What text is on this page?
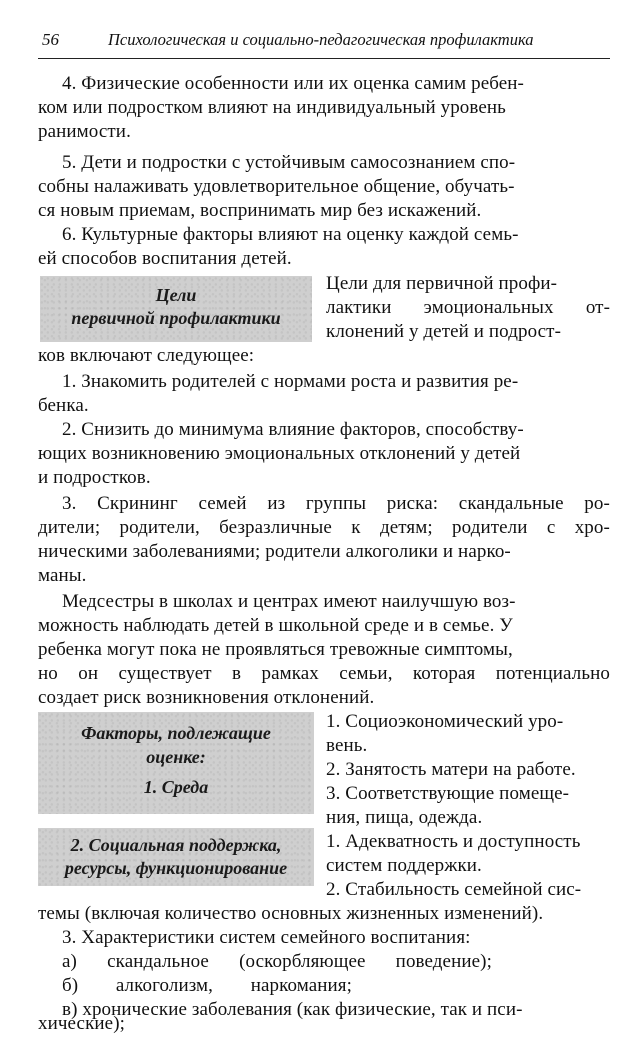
56	Психологическая и социально-педагогическая профилактика
Цели
первичной профилактики
Факторы, подлежащие
оценке:
1. Среда
2. Социальная поддержка,
ресурсы, функционирование
4. Физические особенности или их оценка самим ребен-
ком или подростком влияют на индивидуальный уровень
ранимости.
5. Дети и подростки с устойчивым самосознанием спо-
собны налаживать удовлетворительное общение, обучать-
ся новым приемам, воспринимать мир без искажений.
6. Культурные факторы влияют на оценку каждой семь-
ей способов воспитания детей.
Цели для первичной профи-
лактики эмоциональных от-
клонений у детей и подрост-
ков включают следующее:
1. Знакомить родителей с нормами роста и развития ре-
бенка.
2. Снизить до минимума влияние факторов, способству-
ющих возникновению эмоциональных отклонений у детей
и подростков.
3. Скрининг семей из группы риска: скандальные ро-
дители; родители, безразличные к детям; родители с хро-
ническими заболеваниями; родители алкоголики и нарко-
маны.
Медсестры в школах и центрах имеют наилучшую воз-
можность наблюдать детей в школьной среде и в семье. У
ребенка могут пока не проявляться тревожные симптомы,
но он существует в рамках семьи, которая потенциально
создает риск возникновения отклонений.
1. Социоэкономический уро-
вень.
2. Занятость матери на работе.
3. Соответствующие помеще-
ния, пища, одежда.
1. Адекватность и доступность
систем поддержки.
2. Стабильность семейной сис-
темы (включая количество основных жизненных изменений).
3. Характеристики систем семейного воспитания:
а) скандальное (оскорбляющее поведение);
б) алкоголизм, наркомания;
в) хронические заболевания (как физические, так и пси-
хические);
